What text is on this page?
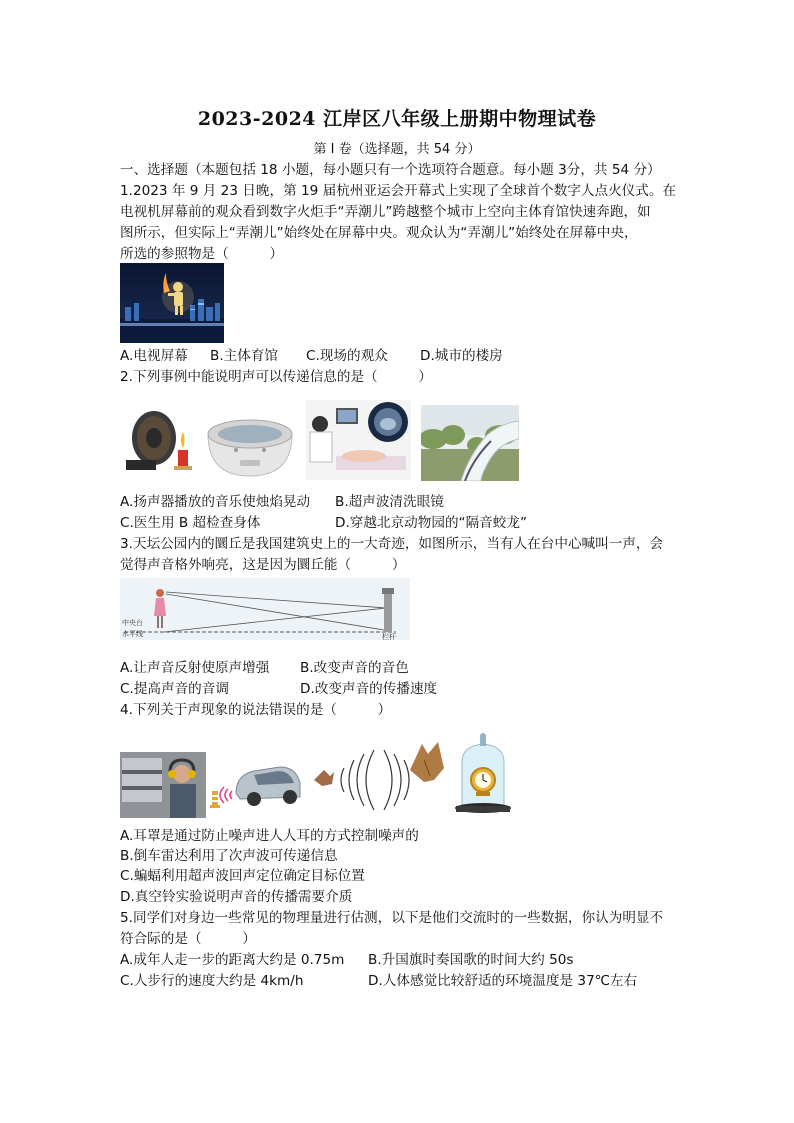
2023-2024 江岸区八年级上册期中物理试卷
第 I 卷（选择题，共 54 分）
一、选择题（本题包括 18 小题，每小题只有一个选项符合题意。每小题 3分，共 54 分）
1.2023 年 9 月 23 日晚，第 19 届杭州亚运会开幕式上实现了全球首个数字人点火仪式。在
电视机屏幕前的观众看到数字火炬手“弄潮儿”跨越整个城市上空向主体育馆快速奔跑，如
图所示，但实际上“弄潮儿”始终处在屏幕中央。观众认为“弄潮儿”始终处在屏幕中央，
所选的参照物是（　　　）
A.电视屏幕 B.主体育馆 C.现场的观众 D.城市的楼房
2.下列事例中能说明声可以传递信息的是（　　　）
A.扬声器播放的音乐使烛焰晃动 B.超声波清洗眼镜
C.医生用 B 超检查身体	D.穿越北京动物园的“隔音蛟龙”
3.天坛公园内的圜丘是我国建筑史上的一大奇迹，如图所示，当有人在台中心喊叫一声，会
觉得声音格外响亮，这是因为圜丘能（　　　）
中央台
水平线	栏杆
A.让声音反射使原声增强 B.改变声音的音色
C.提高声音的音调	D.改变声音的传播速度
4.下列关于声现象的说法错误的是（　　　）
A.耳罩是通过防止噪声进人人耳的方式控制噪声的
B.倒车雷达利用了次声波可传递信息
C.蝙蝠利用超声波回声定位确定目标位置
D.真空铃实验说明声音的传播需要介质
5.同学们对身边一些常见的物理量进行估测，以下是他们交流时的一些数据，你认为明显不
符合际的是（　　　）
A.成年人走一步的距离大约是 0.75m B.升国旗时奏国歌的时间大约 50s
C.人步行的速度大约是 4km/h	D.人体感觉比较舒适的环境温度是 37℃左右
